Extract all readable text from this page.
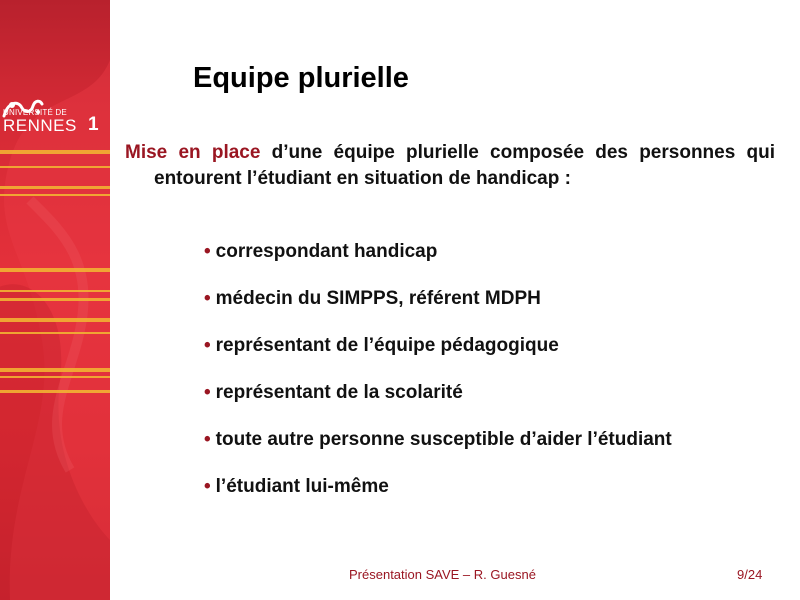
UNIVERSITÉ DE
RENNES 1
Equipe plurielle

Mise en place d’une équipe plurielle composée des personnes qui entourent l’étudiant en situation de handicap :

• correspondant handicap
• médecin du SIMPPS, référent MDPH
• représentant de l’équipe pédagogique
• représentant de la scolarité
• toute autre personne susceptible d’aider l’étudiant
• l’étudiant lui-même
Présentation SAVE – R. Guesné	9/24
